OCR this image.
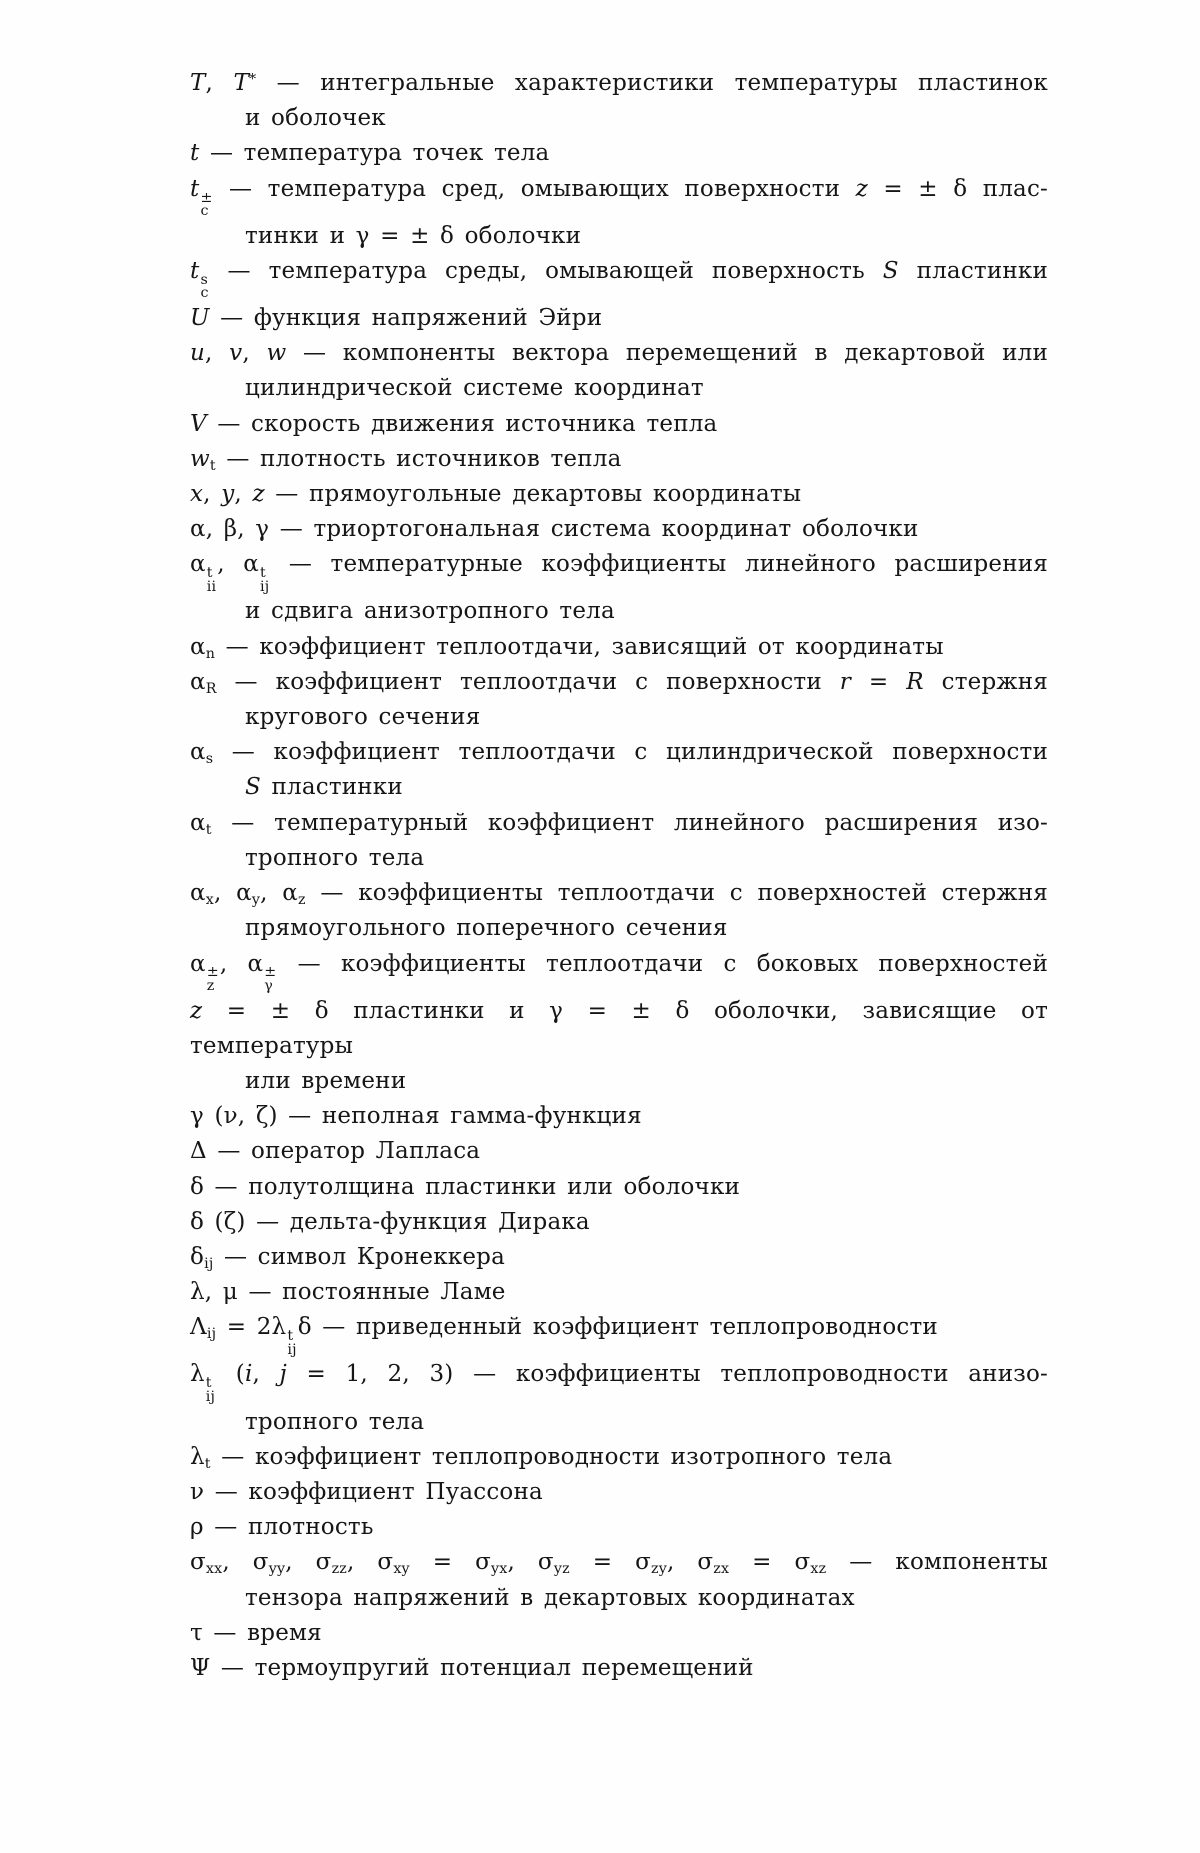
Т, Т* — интегральные характеристики температуры пластинок
и оболочек
t — температура точек тела
t ±
с
— температура сред, омывающих поверхности z = ± δ плас-
тинки и γ = ± δ оболочки
t s
с
— температура среды, омывающей поверхность S пластинки
U — функция напряжений Эйри
u, v, w — компоненты вектора перемещений в декартовой или
цилиндрической системе координат
V — скорость движения источника тепла
$w_t$ — плотность источников тепла
x, y, z — прямоугольные декартовы координаты
α, β, γ — триортогональная система координат оболочки
α t
ii
, α t
ij
— температурные коэффициенты линейного расширения
и сдвига анизотропного тела
$\alpha_n$ — коэффициент теплоотдачи, зависящий от координаты
$\alpha_R$ — коэффициент теплоотдачи с поверхности r = R стержня
кругового сечения
$\alpha_s$ — коэффициент теплоотдачи с цилиндрической поверхности
S пластинки
$\alpha_t$ — температурный коэффициент линейного расширения изо-
тропного тела
$\alpha_x$, $\alpha_y$, $\alpha_z$ — коэффициенты теплоотдачи с поверхностей стержня
прямоугольного поперечного сечения
α ±
z
, α ±
γ
— коэффициенты теплоотдачи с боковых поверхностей
z = ± δ пластинки и γ = ± δ оболочки, зависящие от температуры
или времени
γ (ν, ζ) — неполная гамма-функция
Δ — оператор Лапласа
δ — полутолщина пластинки или оболочки
δ (ζ) — дельта-функция Дирака
$\delta_{ij}$ — символ Кронеккера
λ, μ — постоянные Ламе
$\Lambda_{ij} = 2\lambda$ t
ij
δ — приведенный коэффициент теплопроводности
λ t
ij
(i, j = 1, 2, 3) — коэффициенты теплопроводности анизо-
тропного тела
$\lambda_t$ — коэффициент теплопроводности изотропного тела
ν — коэффициент Пуассона
ρ — плотность
$\sigma_{xx}$, $\sigma_{yy}$, $\sigma_{zz}$, $\sigma_{xy} = \sigma_{yx}$, $\sigma_{yz} = \sigma_{zy}$, $\sigma_{zx} = \sigma_{xz}$ — компоненты
тензора напряжений в декартовых координатах
τ — время
Ψ — термоупругий потенциал перемещений
